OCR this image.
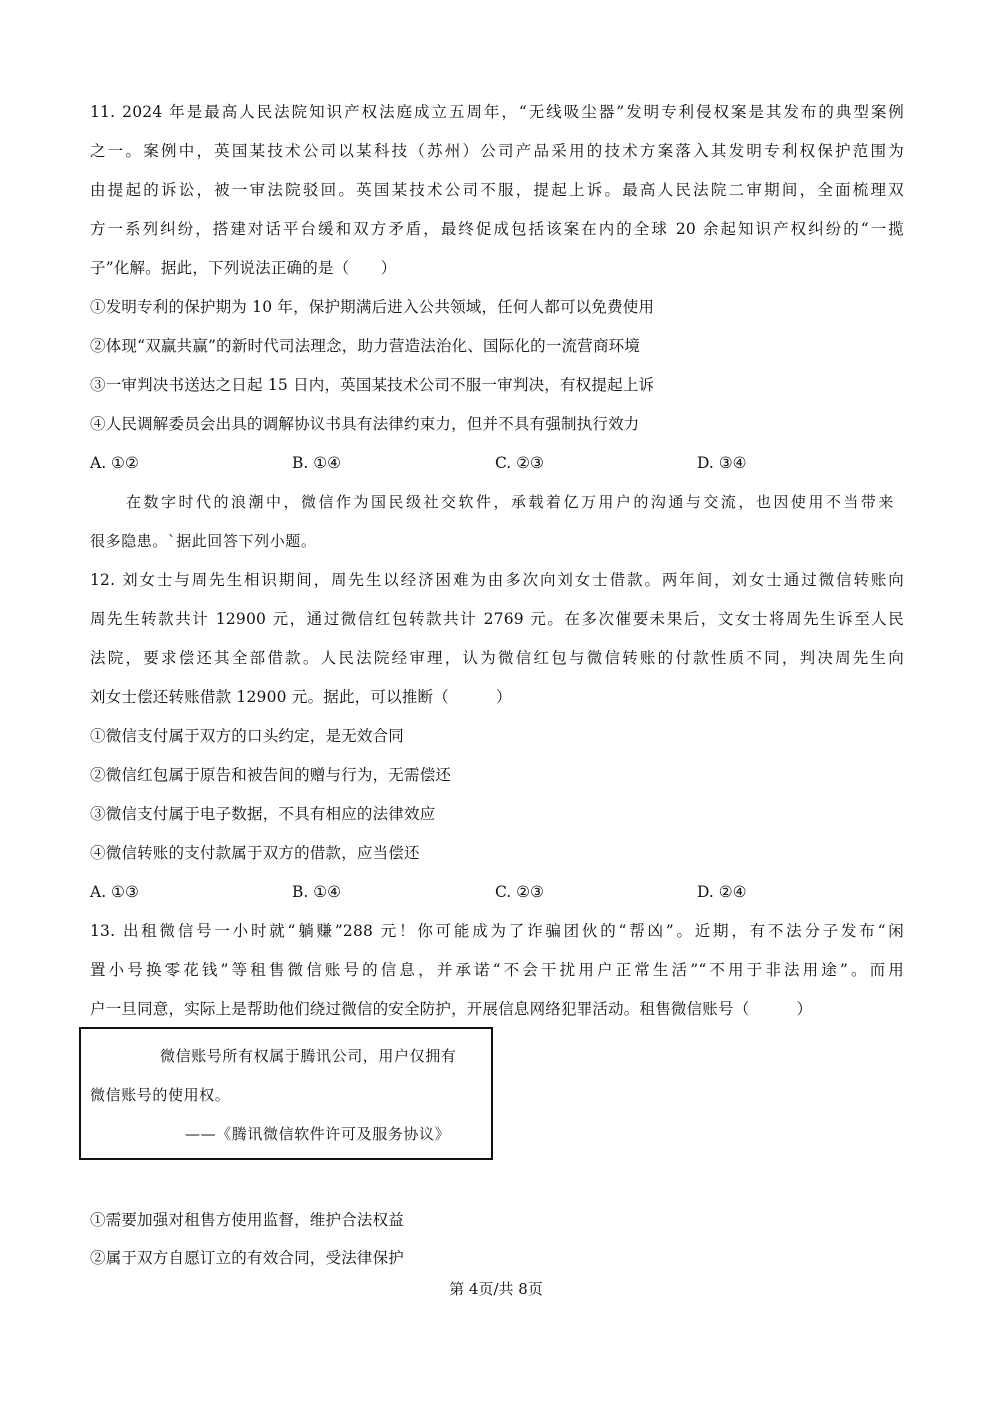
11. 2024 年是最高人民法院知识产权法庭成立五周年，“无线吸尘器”发明专利侵权案是其发布的典型案例
之一。案例中，英国某技术公司以某科技（苏州）公司产品采用的技术方案落入其发明专利权保护范围为
由提起的诉讼，被一审法院驳回。英国某技术公司不服，提起上诉。最高人民法院二审期间，全面梳理双
方一系列纠纷，搭建对话平台缓和双方矛盾，最终促成包括该案在内的全球 20 余起知识产权纠纷的“一揽
子”化解。据此，下列说法正确的是（　　）
①发明专利的保护期为 10 年，保护期满后进入公共领域，任何人都可以免费使用
②体现“双赢共赢”的新时代司法理念，助力营造法治化、国际化的一流营商环境
③一审判决书送达之日起 15 日内，英国某技术公司不服一审判决，有权提起上诉
④人民调解委员会出具的调解协议书具有法律约束力，但并不具有强制执行效力
A. ①②	B. ①④	C. ②③	D. ③④
在数字时代的浪潮中，微信作为国民级社交软件，承载着亿万用户的沟通与交流，也因使用不当带来
很多隐患。`据此回答下列小题。
12. 刘女士与周先生相识期间，周先生以经济困难为由多次向刘女士借款。两年间，刘女士通过微信转账向
周先生转款共计 12900 元，通过微信红包转款共计 2769 元。在多次催要未果后，文女士将周先生诉至人民
法院，要求偿还其全部借款。人民法院经审理，认为微信红包与微信转账的付款性质不同，判决周先生向
刘女士偿还转账借款 12900 元。据此，可以推断（　　　）
①微信支付属于双方的口头约定，是无效合同
②微信红包属于原告和被告间的赠与行为，无需偿还
③微信支付属于电子数据，不具有相应的法律效应
④微信转账的支付款属于双方的借款，应当偿还
A. ①③	B. ①④	C. ②③	D. ②④
13. 出租微信号一小时就“躺赚”288 元！你可能成为了诈骗团伙的“帮凶”。近期，有不法分子发布“闲
置小号换零花钱”等租售微信账号的信息，并承诺“不会干扰用户正常生活”“不用于非法用途”。而用
户一旦同意，实际上是帮助他们绕过微信的安全防护，开展信息网络犯罪活动。租售微信账号（　　　）
微信账号所有权属于腾讯公司，用户仅拥有
微信账号的使用权。
——《腾讯微信软件许可及服务协议》
①需要加强对租售方使用监督，维护合法权益
②属于双方自愿订立的有效合同，受法律保护
第 4页/共 8页
